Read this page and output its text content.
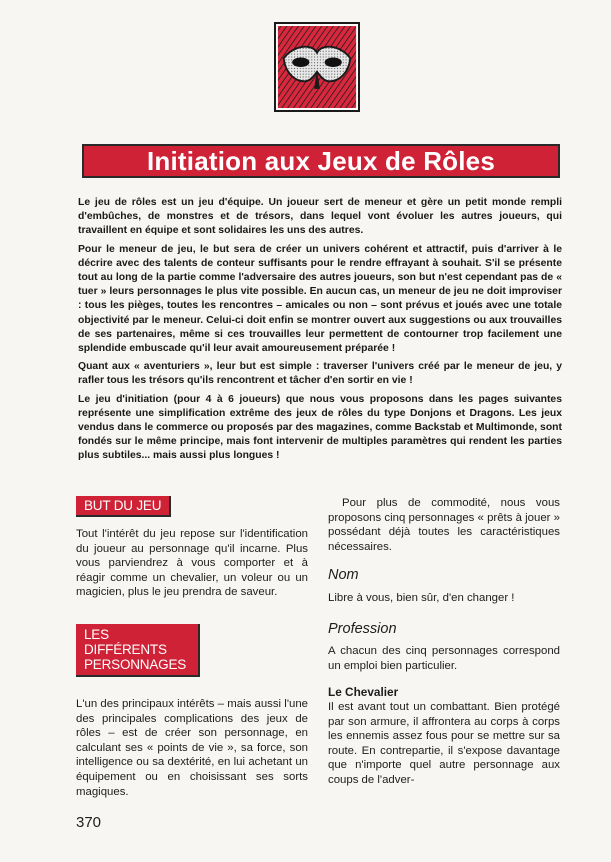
Initiation aux Jeux de Rôles

Le jeu de rôles est un jeu d'équipe. Un joueur sert de meneur et gère un petit monde rempli d'embûches, de monstres et de trésors, dans lequel vont évoluer les autres joueurs, qui travaillent en équipe et sont solidaires les uns des autres.

Pour le meneur de jeu, le but sera de créer un univers cohérent et attractif, puis d'arriver à le décrire avec des talents de conteur suffisants pour le rendre effrayant à souhait. S'il se présente tout au long de la partie comme l'adversaire des autres joueurs, son but n'est cependant pas de « tuer » leurs personnages le plus vite possible. En aucun cas, un meneur de jeu ne doit improviser : tous les pièges, toutes les rencontres – amicales ou non – sont prévus et joués avec une totale objectivité par le meneur. Celui-ci doit enfin se montrer ouvert aux suggestions ou aux trouvailles de ses partenaires, même si ces trouvailles leur permettent de contourner trop facilement une splendide embuscade qu'il leur avait amoureusement préparée !

Quant aux « aventuriers », leur but est simple : traverser l'univers créé par le meneur de jeu, y rafler tous les trésors qu'ils rencontrent et tâcher d'en sortir en vie !

Le jeu d'initiation (pour 4 à 6 joueurs) que nous vous proposons dans les pages suivantes représente une simplification extrême des jeux de rôles du type Donjons et Dragons. Les jeux vendus dans le commerce ou proposés par des magazines, comme Backstab et Multimonde, sont fondés sur le même principe, mais font intervenir de multiples paramètres qui rendent les parties plus subtiles... mais aussi plus longues !

BUT DU JEU

Tout l'intérêt du jeu repose sur l'identification du joueur au personnage qu'il incarne. Plus vous parviendrez à vous comporter et à réagir comme un chevalier, un voleur ou un magicien, plus le jeu prendra de saveur.

LES DIFFÉRENTS
PERSONNAGES

L'un des principaux intérêts – mais aussi l'une des principales complications des jeux de rôles – est de créer son personnage, en calculant ses « points de vie », sa force, son intelligence ou sa dextérité, en lui achetant un équipement ou en choisissant ses sorts magiques.

Pour plus de commodité, nous vous proposons cinq personnages « prêts à jouer » possédant déjà toutes les caractéristiques nécessaires.

Nom

Libre à vous, bien sûr, d'en changer !

Profession

A chacun des cinq personnages correspond un emploi bien particulier.

Le Chevalier

Il est avant tout un combattant. Bien protégé par son armure, il affrontera au corps à corps les ennemis assez fous pour se mettre sur sa route. En contrepartie, il s'expose davantage que n'importe quel autre personnage aux coups de l'adver-

370
